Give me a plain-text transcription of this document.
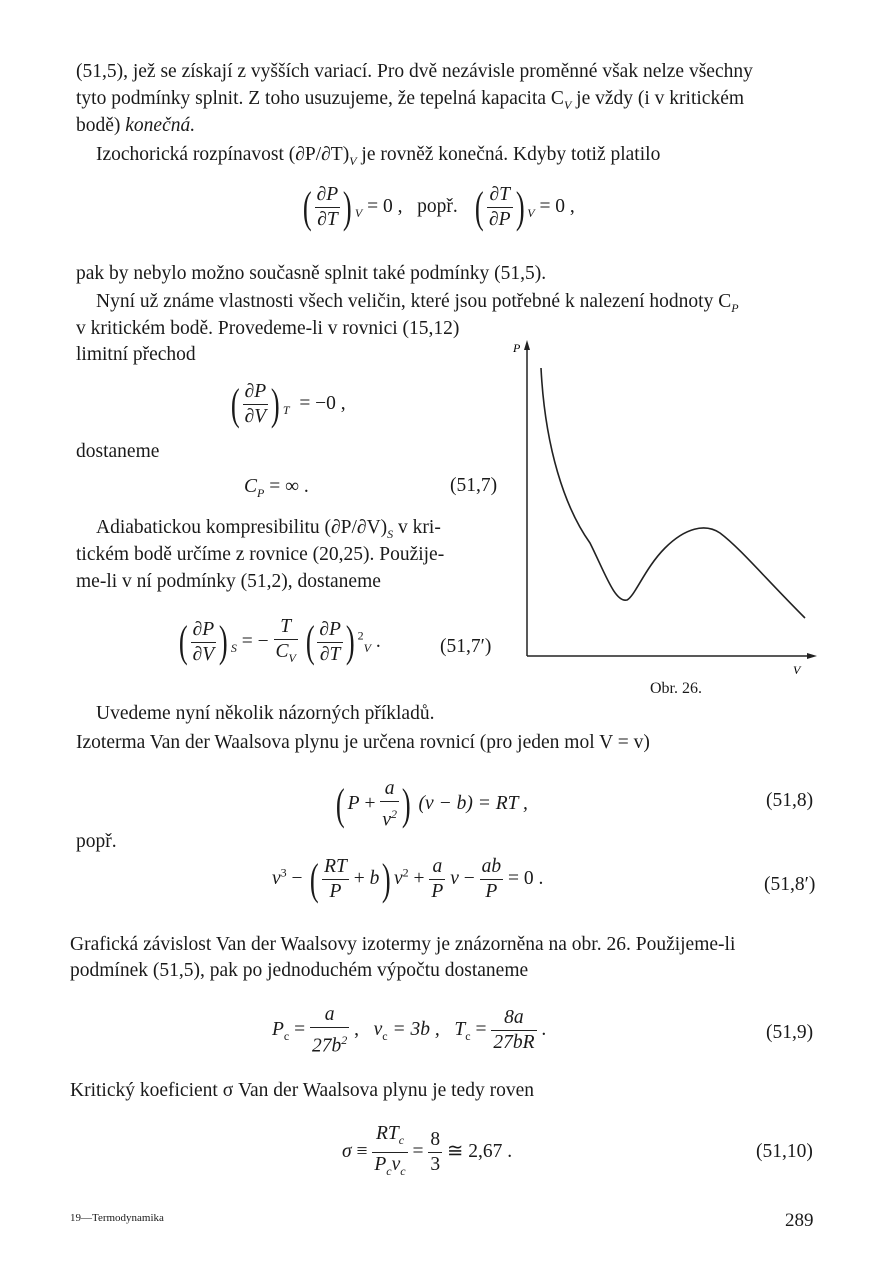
(51,5), jež se získají z vyšších variací. Pro dvě nezávisle proměnné však nelze všechny
tyto podmínky splnit. Z toho usuzujeme, že tepelná kapacita $C_V$ je vždy (i v kritickém
bodě) konečná.
Izochorická rozpínavost $(\partial P/\partial T)_V$ je rovněž konečná. Kdyby totiž platilo
( $\frac{\partial P}{\partial T}$ ) $_V$ = 0 , popř. ( $\frac{\partial T}{\partial P}$ ) $_V$ = 0 ,
pak by nebylo možno současně splnit také podmínky (51,5).
Nyní už známe vlastnosti všech veličin, které jsou potřebné k nalezení hodnoty $C_P$
v kritickém bodě. Provedeme-li v rovnici (15,12)
limitní přechod
( $\frac{\partial P}{\partial V}$ ) $_T$ = −0 ,
dostaneme
$C_P$ = ∞ .	(51,7)
Adiabatickou kompresibilitu $(\partial P/\partial V)_S$ v kri-
tickém bodě určíme z rovnice (20,25). Použije-
me-li v ní podmínky (51,2), dostaneme
( $\frac{\partial P}{\partial V}$ ) $_S$ = − $\frac{T}{C_V}$ ( $\frac{\partial P}{\partial T}$ ) $^2_V$ .	(51,7′)
P
V
Obr. 26.
Uvedeme nyní několik názorných příkladů.
Izoterma Van der Waalsova plynu je určena rovnicí (pro jeden mol V = v)
( $P + \frac{a}{v^2}$ ) (v − b) = RT ,	(51,8)
popř.
$v^3$ − ( $\frac{RT}{P} + b$) $v^2 + \frac{a}{P}$ $v - \frac{ab}{P} = 0$ .	(51,8′)
Grafická závislost Van der Waalsovy izotermy je znázorněna na obr. 26. Použijeme-li
podmínek (51,5), pak po jednoduchém výpočtu dostaneme
$P_c = \frac{a}{27b^2}$ ,   $v_c = 3b$ , $T_c = \frac{8a}{27bR}$ .	(51,9)
Kritický koeficient σ Van der Waalsova plynu je tedy roven
$\sigma \equiv \frac{RT_c}{P_cv_c} = \frac{8}{3}$ ≅ 2,67 .	(51,10)
19—Termodynamika	289
